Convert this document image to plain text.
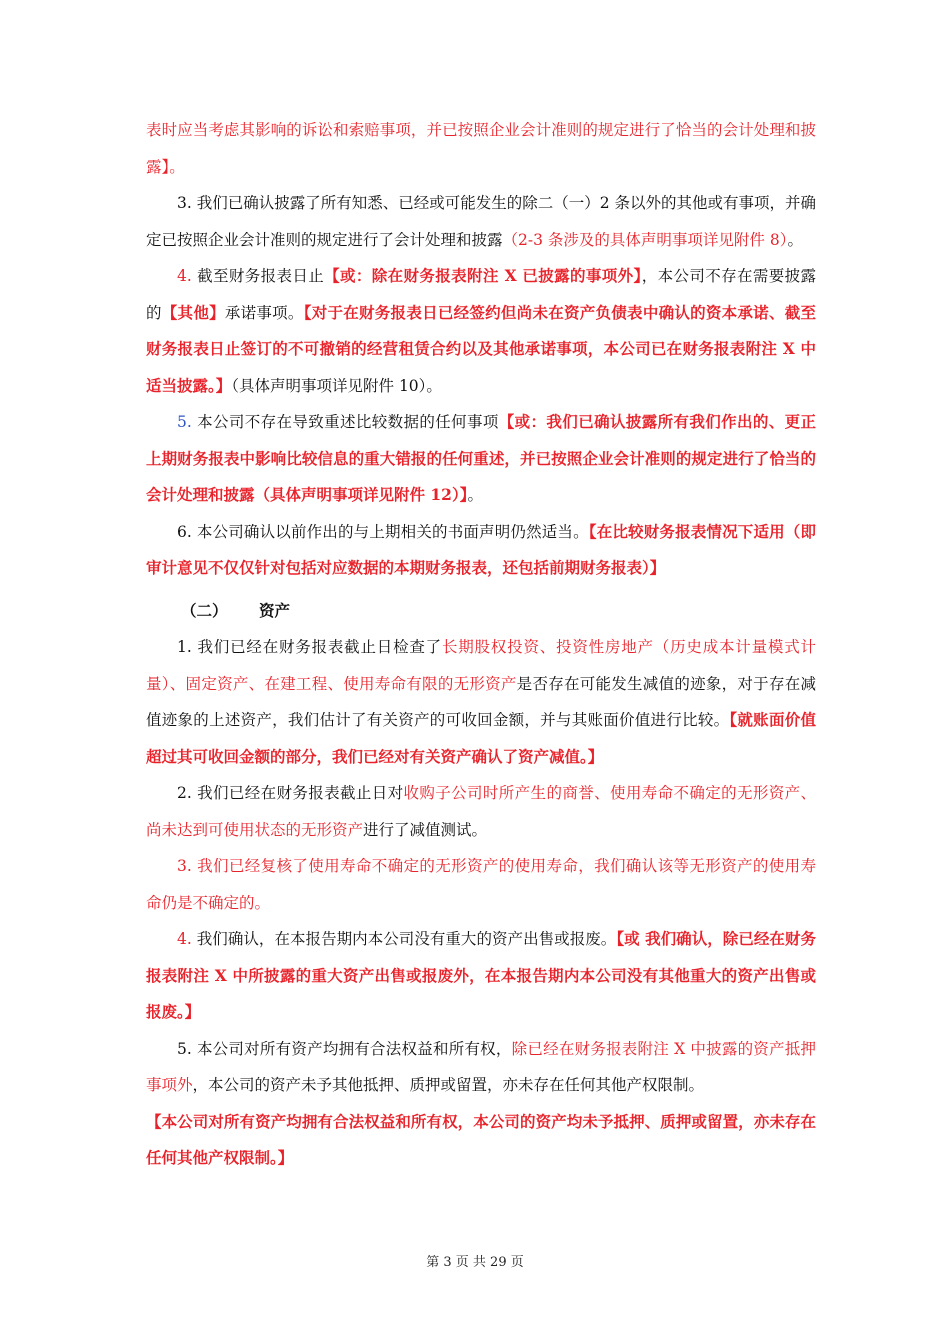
表时应当考虑其影响的诉讼和索赔事项，并已按照企业会计准则的规定进行了恰当的会计处理和披露】。

3. 我们已确认披露了所有知悉、已经或可能发生的除二（一）2 条以外的其他或有事项，并确定已按照企业会计准则的规定进行了会计处理和披露（2-3 条涉及的具体声明事项详见附件 8）。

4. 截至财务报表日止【或：除在财务报表附注 X 已披露的事项外】，本公司不存在需要披露的【其他】承诺事项。【对于在财务报表日已经签约但尚未在资产负债表中确认的资本承诺、截至财务报表日止签订的不可撤销的经营租赁合约以及其他承诺事项，本公司已在财务报表附注 X 中适当披露。】（具体声明事项详见附件 10）。

5. 本公司不存在导致重述比较数据的任何事项【或：我们已确认披露所有我们作出的、更正上期财务报表中影响比较信息的重大错报的任何重述，并已按照企业会计准则的规定进行了恰当的会计处理和披露（具体声明事项详见附件 12）】。

6. 本公司确认以前作出的与上期相关的书面声明仍然适当。【在比较财务报表情况下适用（即审计意见不仅仅针对包括对应数据的本期财务报表，还包括前期财务报表）】

（二） 资产

1. 我们已经在财务报表截止日检查了长期股权投资、投资性房地产（历史成本计量模式计量）、固定资产、在建工程、使用寿命有限的无形资产是否存在可能发生减值的迹象，对于存在减值迹象的上述资产，我们估计了有关资产的可收回金额，并与其账面价值进行比较。【就账面价值超过其可收回金额的部分，我们已经对有关资产确认了资产减值。】

2. 我们已经在财务报表截止日对收购子公司时所产生的商誉、使用寿命不确定的无形资产、尚未达到可使用状态的无形资产进行了减值测试。

3. 我们已经复核了使用寿命不确定的无形资产的使用寿命，我们确认该等无形资产的使用寿命仍是不确定的。

4. 我们确认，在本报告期内本公司没有重大的资产出售或报废。【或 我们确认，除已经在财务报表附注 X 中所披露的重大资产出售或报废外，在本报告期内本公司没有其他重大的资产出售或报废。】

5. 本公司对所有资产均拥有合法权益和所有权，除已经在财务报表附注 X 中披露的资产抵押事项外，本公司的资产未予其他抵押、质押或留置，亦未存在任何其他产权限制。

【本公司对所有资产均拥有合法权益和所有权，本公司的资产均未予抵押、质押或留置，亦未存在任何其他产权限制。】

第 3 页 共 29 页
